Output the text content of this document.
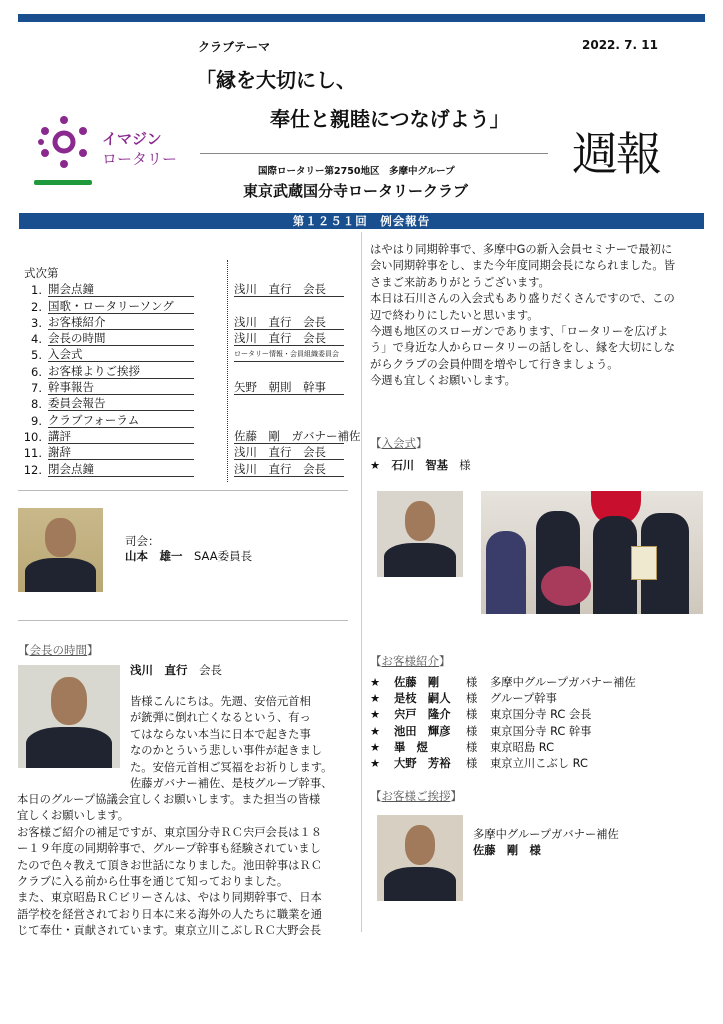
クラブテーマ	2022. 7. 11
「縁を大切にし、
奉仕と親睦につなげよう」
週報
国際ロータリー第2750地区　多摩中グループ
東京武蔵国分寺ロータリークラブ
イマジン
ロータリー
第１２５１回　例会報告
式次第
1. 開会点鐘	浅川　直行　会長
2. 国歌・ロータリーソング
3. お客様紹介	浅川　直行　会長
4. 会長の時間	浅川　直行　会長
5. 入会式	ロータリー情報・会員組織委員会
6. お客様よりご挨拶
7. 幹事報告	矢野　朝則　幹事
8. 委員会報告
9. クラブフォーラム
10. 講評	佐藤　剛　ガバナー補佐
11. 謝辞	浅川　直行　会長
12. 閉会点鐘	浅川　直行　会長
司会：
山本　雄一　 SAA委員長
【会長の時間】
浅川　直行　 会長
皆様こんにちは。先週、安倍元首相
が銃弾に倒れ亡くなるという、有っ
てはならない本当に日本で起きた事
なのかとういう悲しい事件が起きまし
た。安倍元首相ご冥福をお祈りします。
佐藤ガバナー補佐、是枝グループ幹事、
本日のグループ協議会宜しくお願いします。また担当の皆様
宜しくお願いします。
お客様ご紹介の補足ですが、東京国分寺ＲＣ宍戸会長は１８
ー１９年度の同期幹事で、グループ幹事も経験されていまし
たので色々教えて頂きお世話になりました。池田幹事はＲＣ
クラブに入る前から仕事を通じて知っておりました。
また、東京昭島ＲＣビリーさんは、やはり同期幹事で、日本
語学校を経営されており日本に来る海外の人たちに職業を通
じて奉仕・貢献されています。東京立川こぶしＲＣ大野会長
はやはり同期幹事で、多摩中Gの新入会員セミナーで最初に
会い同期幹事をし、また今年度同期会長になられました。皆
さまご来訪ありがとうございます。
本日は石川さんの入会式もあり盛りだくさんですので、この
辺で終わりにしたいと思います。
今週も地区のスローガンであります、「ロータリーを広げよ
う」で身近な人からロータリーの話しをし、縁を大切にしな
がらクラブの会員仲間を増やして行きましょう。
今週も宜しくお願いします。
【入会式】
★　 石川　智基　 様
【お客様紹介】
★	佐藤　剛	様	多摩中グループガバナー補佐
★	是枝　嗣人	様	グループ幹事
★	宍戸　隆介	様	東京国分寺 RC 会長
★	池田　輝彦	様	東京国分寺 RC 幹事
★	畢　煜	様	東京昭島 RC
★	大野　芳裕	様	東京立川こぶし RC
【お客様ご挨拶】
多摩中グループガバナー補佐
佐藤　剛　様
